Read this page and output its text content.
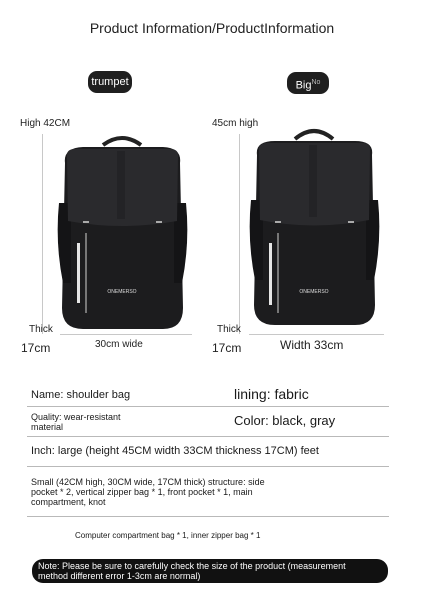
Product Information/ProductInformation
trumpet
High 42CM
Thick
17cm	30cm wide
ONEMERSO
Big$^{No}$
45cm high
Thick
17cm	Width 33cm
ONEMERSO
Name: shoulder bag	lining: fabric
Quality: wear-resistant
material	Color: black, gray
Inch: large (height 45CM width 33CM thickness 17CM) feet
Small (42CM high, 30CM wide, 17CM thick) structure: side
pocket * 2, vertical zipper bag * 1, front pocket * 1, main
compartment, knot
Computer compartment bag * 1, inner zipper bag * 1
Note: Please be sure to carefully check the size of the product (measurement
method different error 1-3cm are normal)
